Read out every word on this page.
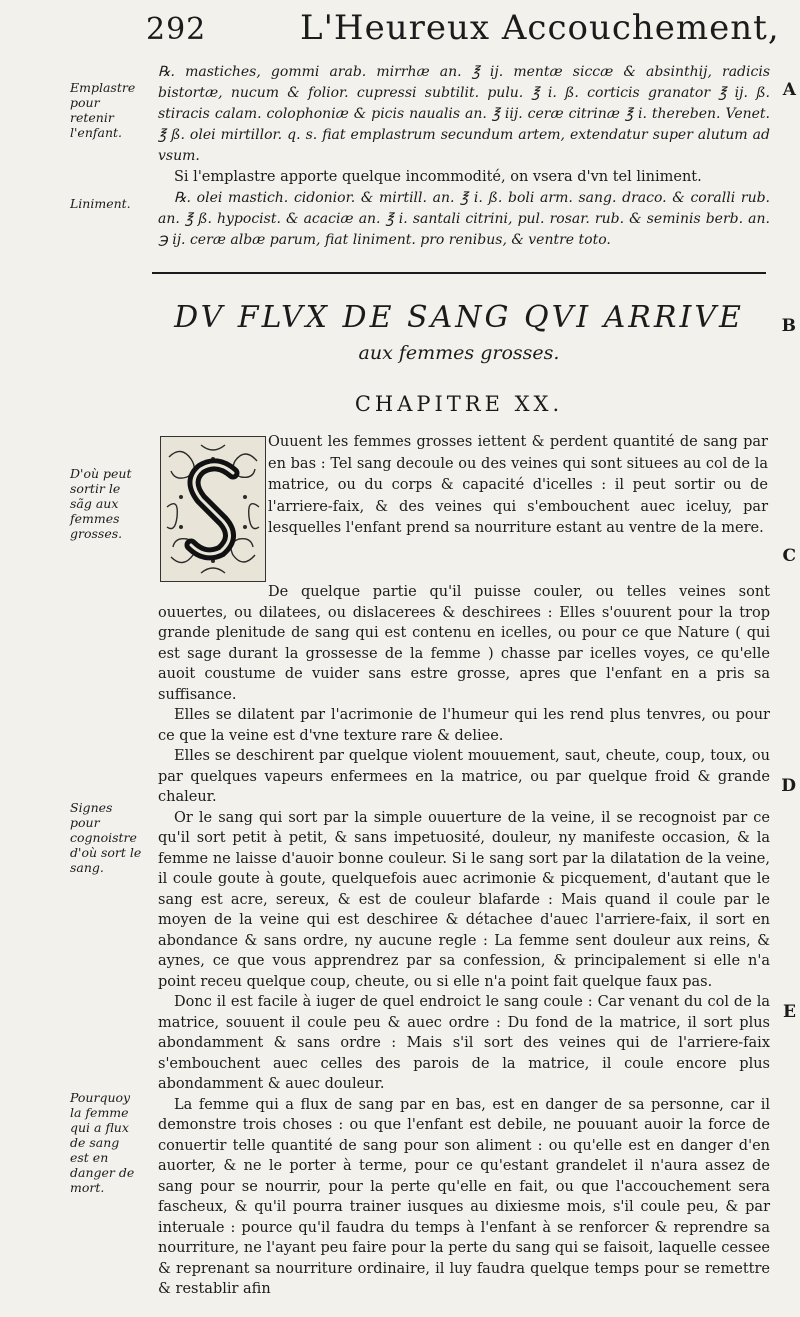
292	L'Heureux Accouchement,
Emplastre pour retenir l'enfant.
Liniment.
D'où peut sortir le sãg aux femmes grosses.
Signes pour cognoistre d'où sort le sang.
Pourquoy la femme qui a flux de sang est en danger de mort.
A
B
C
D
E

℞. mastiches, gommi arab. mirrhæ an. ℥ ij. mentæ siccæ & absinthij, radicis bistortæ, nucum & folior. cupressi subtilit. pulu. ℥ i. ß. corticis granator ℥ ij. ß. stiracis calam. colophoniæ & picis naualis an. ℥ iij. ceræ citrinæ ℥ i. thereben. Venet. ℥ ß. olei mirtillor. q. s. fiat emplastrum secundum artem, extendatur super alutum ad vsum.

Si l'emplastre apporte quelque incommodité, on vsera d'vn tel liniment.

℞. olei mastich. cidonior. & mirtill. an. ℥ i. ß. boli arm. sang. draco. & coralli rub. an. ℥ ß. hypocist. & acaciæ an. ℥ i. santali citrini, pul. rosar. rub. & seminis berb. an. ℈ ij. ceræ albæ parum, fiat liniment. pro renibus, & ventre toto.

DV FLVX DE SANG QVI ARRIVE
aux femmes grosses.
CHAPITRE XX.
Ouuent les femmes grosses iettent & perdent quantité de sang par en bas : Tel sang decoule ou des veines qui sont situees au col de la matrice, ou du corps & capacité d'icelles : il peut sortir ou de l'arriere-faix, & des veines qui s'embouchent auec iceluy, par lesquelles l'enfant prend sa nourriture estant au ventre de la mere.

De quelque partie qu'il puisse couler, ou telles veines sont ouuertes, ou dilatees, ou dislacerees & deschirees : Elles s'ouurent pour la trop grande plenitude de sang qui est contenu en icelles, ou pour ce que Nature ( qui est sage durant la grossesse de la femme ) chasse par icelles voyes, ce qu'elle auoit coustume de vuider sans estre grosse, apres que l'enfant en a pris sa suffisance.

Elles se dilatent par l'acrimonie de l'humeur qui les rend plus tenvres, ou pour ce que la veine est d'vne texture rare & deliee.

Elles se deschirent par quelque violent mouuement, saut, cheute, coup, toux, ou par quelques vapeurs enfermees en la matrice, ou par quelque froid & grande chaleur.

Or le sang qui sort par la simple ouuerture de la veine, il se recognoist par ce qu'il sort petit à petit, & sans impetuosité, douleur, ny manifeste occasion, & la femme ne laisse d'auoir bonne couleur. Si le sang sort par la dilatation de la veine, il coule goute à goute, quelquefois auec acrimonie & picquement, d'autant que le sang est acre, sereux, & est de couleur blafarde : Mais quand il coule par le moyen de la veine qui est deschiree & détachee d'auec l'arriere-faix, il sort en abondance & sans ordre, ny aucune regle : La femme sent douleur aux reins, & aynes, ce que vous apprendrez par sa confession, & principalement si elle n'a point receu quelque coup, cheute, ou si elle n'a point fait quelque faux pas.

Donc il est facile à iuger de quel endroict le sang coule : Car venant du col de la matrice, souuent il coule peu & auec ordre : Du fond de la matrice, il sort plus abondamment & sans ordre : Mais s'il sort des veines qui de l'arriere-faix s'embouchent auec celles des parois de la matrice, il coule encore plus abondamment & auec douleur.

La femme qui a flux de sang par en bas, est en danger de sa personne, car il demonstre trois choses : ou que l'enfant est debile, ne pouuant auoir la force de conuertir telle quantité de sang pour son aliment : ou qu'elle est en danger d'en auorter, & ne le porter à terme, pour ce qu'estant grandelet il n'aura assez de sang pour se nourrir, pour la perte qu'elle en fait, ou que l'accouchement sera fascheux, & qu'il pourra trainer iusques au dixiesme mois, s'il coule peu, & par interuale : pource qu'il faudra du temps à l'enfant à se renforcer & reprendre sa nourriture, ne l'ayant peu faire pour la perte du sang qui se faisoit, laquelle cessee & reprenant sa nourriture ordinaire, il luy faudra quelque temps pour se remettre & restablir afin
